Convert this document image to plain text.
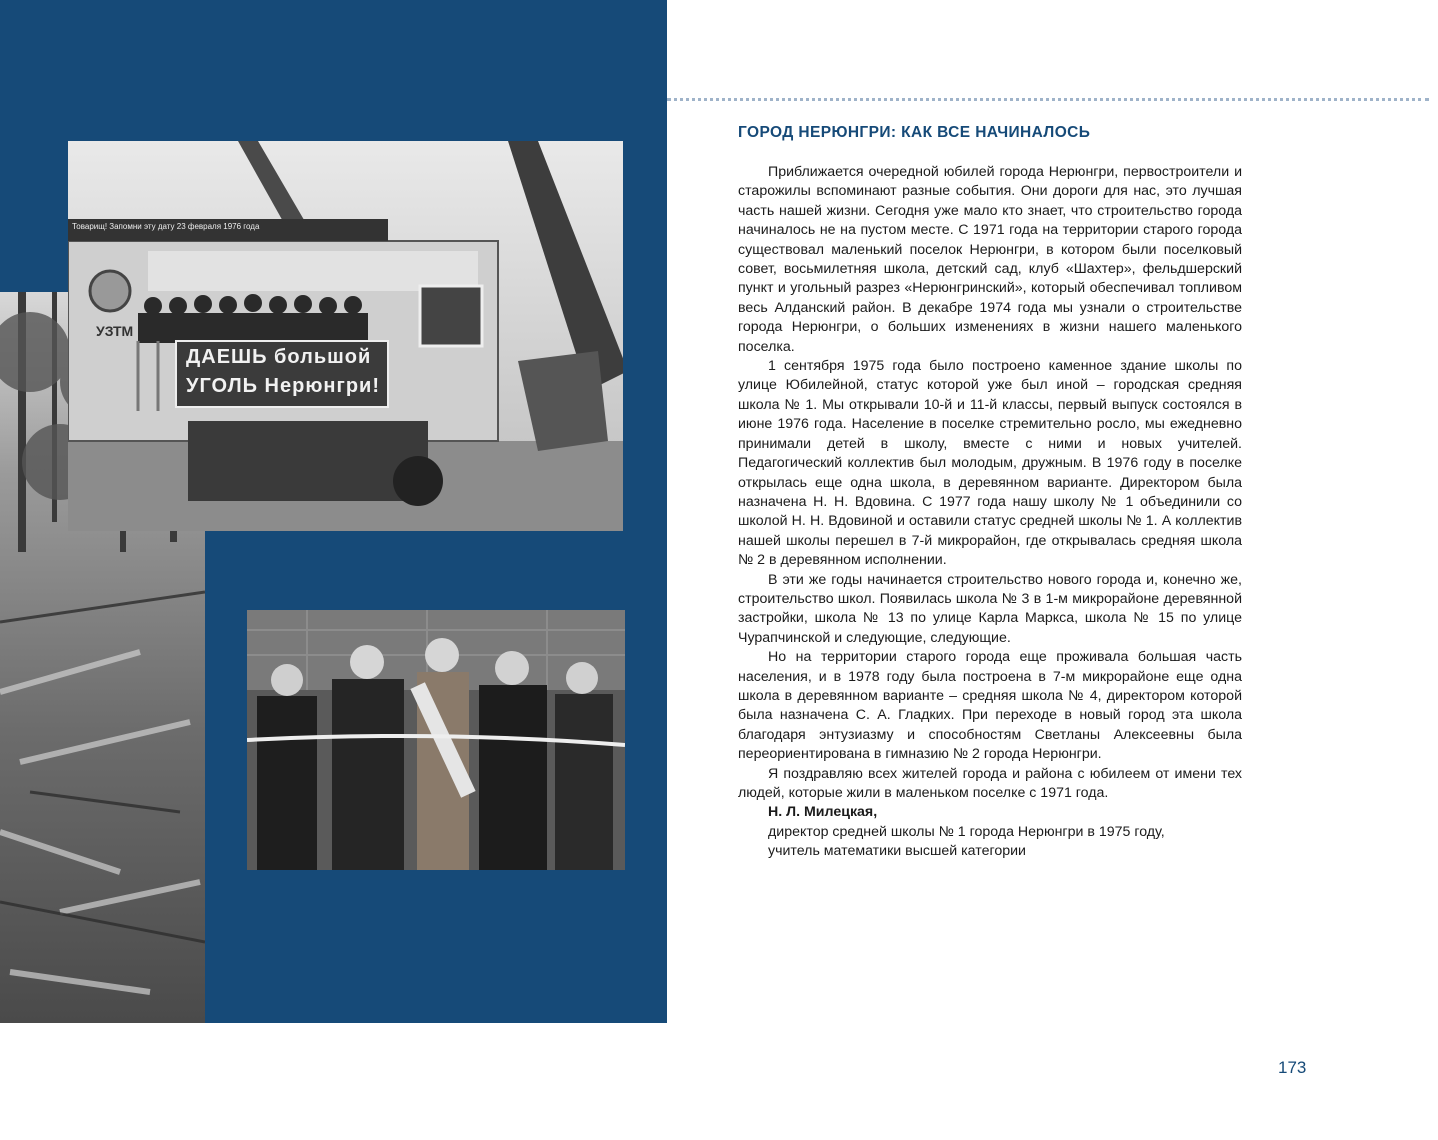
Товарищ! Запомни эту дату 23 февраля 1976 года
УЗТМ
ДАЕШЬ большой
УГОЛЬ Нерюнгри!
ГОРОД НЕРЮНГРИ: КАК ВСЕ НАЧИНАЛОСЬ

Приближается очередной юбилей города Нерюнгри, первостроители и старожилы вспоминают разные события. Они дороги для нас, это лучшая часть нашей жизни. Сегодня уже мало кто знает, что строительство города начиналось не на пустом месте. С 1971 года на территории старого города существовал маленький поселок Нерюнгри, в котором были поселковый совет, восьмилетняя школа, детский сад, клуб «Шахтер», фельдшерский пункт и угольный разрез «Нерюнгринский», который обеспечивал топливом весь Алданский район. В декабре 1974 года мы узнали о строительстве города Нерюнгри, о больших изменениях в жизни нашего маленького поселка.

1 сентября 1975 года было построено каменное здание школы по улице Юбилейной, статус которой уже был иной – городская средняя школа № 1. Мы открывали 10-й и 11-й классы, первый выпуск состоялся в июне 1976 года. Население в поселке стремительно росло, мы ежедневно принимали детей в школу, вместе с ними и новых учителей. Педагогический коллектив был молодым, дружным. В 1976 году в поселке открылась еще одна школа, в деревянном варианте. Директором была назначена Н. Н. Вдовина. С 1977 года нашу школу № 1 объединили со школой Н. Н. Вдовиной и оставили статус средней школы № 1. А коллектив нашей школы перешел в 7-й микрорайон, где открывалась средняя школа № 2 в деревянном исполнении.

В эти же годы начинается строительство нового города и, конечно же, строительство школ. Появилась школа № 3 в 1-м микрорайоне деревянной застройки, школа № 13 по улице Карла Маркса, школа № 15 по улице Чурапчинской и следующие, следующие.

Но на территории старого города еще проживала большая часть населения, и в 1978 году была построена в 7-м микрорайоне еще одна школа в деревянном варианте – средняя школа № 4, директором которой была назначена С. А. Гладких. При переходе в новый город эта школа благодаря энтузиазму и способностям Светланы Алексеевны была переориентирована в гимназию № 2 города Нерюнгри.

Я поздравляю всех жителей города и района с юбилеем от имени тех людей, которые жили в маленьком поселке с 1971 года.

Н. Л. Милецкая,
директор средней школы № 1 города Нерюнгри в 1975 году,
учитель математики высшей категории
173
